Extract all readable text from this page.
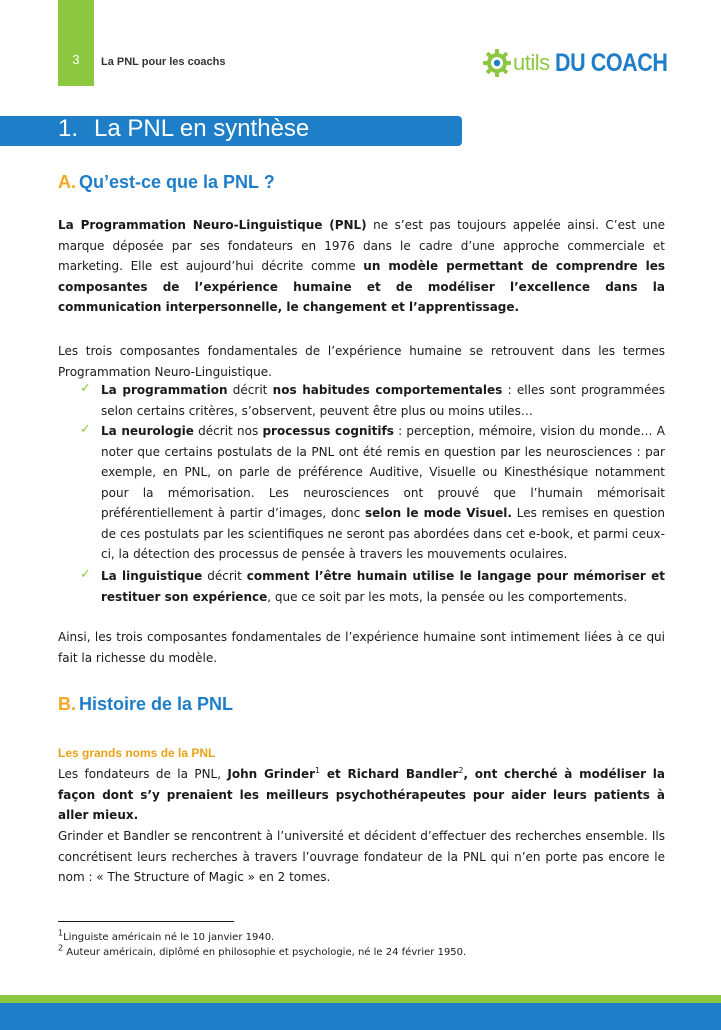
3	La PNL pour les coachs	utils DU COACH
1. La PNL en synthèse
A. Qu’est-ce que la PNL ?
La Programmation Neuro-Linguistique (PNL) ne s’est pas toujours appelée ainsi. C’est une marque déposée par ses fondateurs en 1976 dans le cadre d’une approche commerciale et marketing. Elle est aujourd’hui décrite comme un modèle permettant de comprendre les composantes de l’expérience humaine et de modéliser l’excellence dans la communication interpersonnelle, le changement et l’apprentissage.
Les trois composantes fondamentales de l’expérience humaine se retrouvent dans les termes Programmation Neuro-Linguistique.
✓ La programmation décrit nos habitudes comportementales : elles sont programmées selon certains critères, s’observent, peuvent être plus ou moins utiles…
✓ La neurologie décrit nos processus cognitifs : perception, mémoire, vision du monde… A noter que certains postulats de la PNL ont été remis en question par les neurosciences : par exemple, en PNL, on parle de préférence Auditive, Visuelle ou Kinesthésique notamment pour la mémorisation. Les neurosciences ont prouvé que l’humain mémorisait préférentiellement à partir d’images, donc selon le mode Visuel. Les remises en question de ces postulats par les scientifiques ne seront pas abordées dans cet e-book, et parmi ceux-ci, la détection des processus de pensée à travers les mouvements oculaires.
✓ La linguistique décrit comment l’être humain utilise le langage pour mémoriser et restituer son expérience, que ce soit par les mots, la pensée ou les comportements.
Ainsi, les trois composantes fondamentales de l’expérience humaine sont intimement liées à ce qui fait la richesse du modèle.
B. Histoire de la PNL
Les grands noms de la PNL
Les fondateurs de la PNL, John Grinder$^1$ et Richard Bandler$^2$, ont cherché à modéliser la façon dont s’y prenaient les meilleurs psychothérapeutes pour aider leurs patients à aller mieux.
Grinder et Bandler se rencontrent à l’université et décident d’effectuer des recherches ensemble. Ils concrétisent leurs recherches à travers l’ouvrage fondateur de la PNL qui n’en porte pas encore le nom : « The Structure of Magic » en 2 tomes.
$^1$Linguiste américain né le 10 janvier 1940.
$^2$ Auteur américain, diplômé en philosophie et psychologie, né le 24 février 1950.
